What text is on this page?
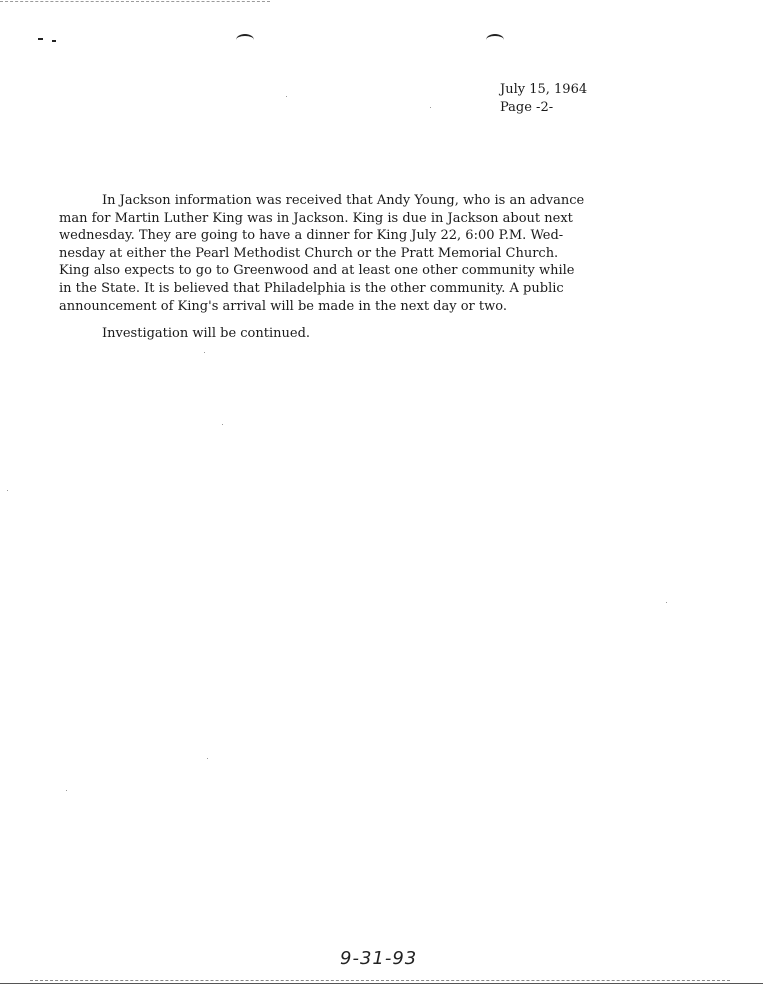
July 15, 1964
Page -2-
In Jackson information was received that Andy Young, who is an advance
man for Martin Luther King was in Jackson. King is due in Jackson about next
wednesday. They are going to have a dinner for King July 22, 6:00 P.M. Wed-
nesday at either the Pearl Methodist Church or the Pratt Memorial Church.
King also expects to go to Greenwood and at least one other community while
in the State. It is believed that Philadelphia is the other community. A public
announcement of King's arrival will be made in the next day or two.
Investigation will be continued.
9-31-93
